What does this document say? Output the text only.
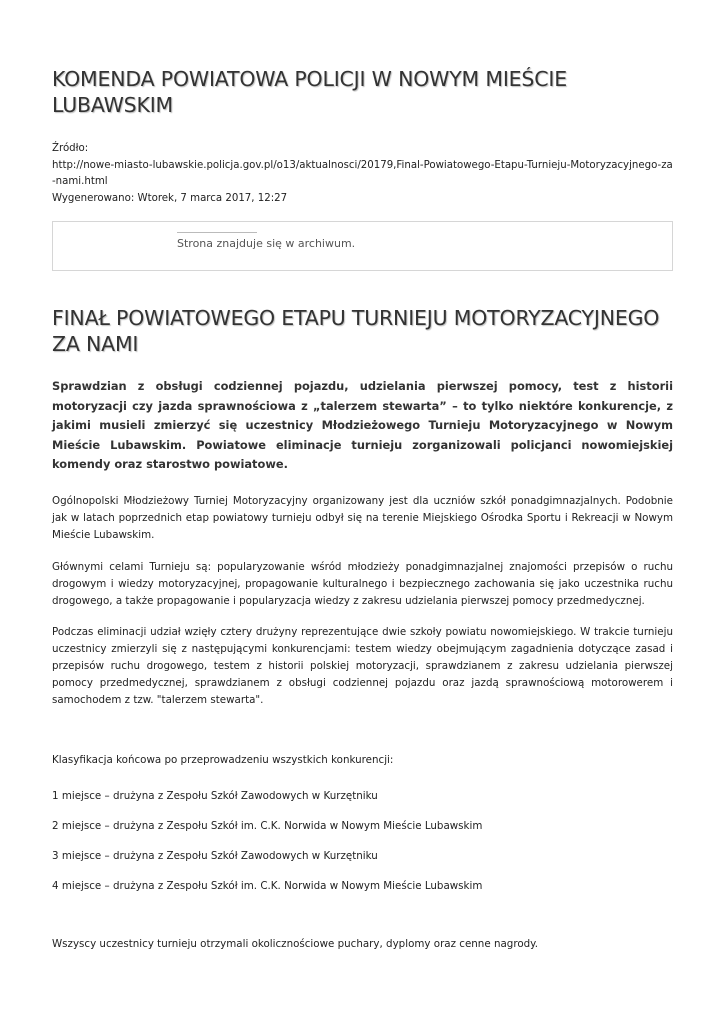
KOMENDA POWIATOWA POLICJI W NOWYM MIEŚCIE LUBAWSKIM
Źródło:
http://nowe-miasto-lubawskie.policja.gov.pl/o13/aktualnosci/20179,Final-Powiatowego-Etapu-Turnieju-Motoryzacyjnego-za-nami.html
Wygenerowano: Wtorek, 7 marca 2017, 12:27
Strona znajduje się w archiwum.
FINAŁ POWIATOWEGO ETAPU TURNIEJU MOTORYZACYJNEGO ZA NAMI

Sprawdzian z obsługi codziennej pojazdu, udzielania pierwszej pomocy, test z historii motoryzacji czy jazda sprawnościowa z „talerzem stewarta” – to tylko niektóre konkurencje, z jakimi musieli zmierzyć się uczestnicy Młodzieżowego Turnieju Motoryzacyjnego w Nowym Mieście Lubawskim. Powiatowe eliminacje turnieju zorganizowali policjanci nowomiejskiej komendy oraz starostwo powiatowe.

Ogólnopolski Młodzieżowy Turniej Motoryzacyjny organizowany jest dla uczniów szkół ponadgimnazjalnych. Podobnie jak w latach poprzednich etap powiatowy turnieju odbył się na terenie Miejskiego Ośrodka Sportu i Rekreacji w Nowym Mieście Lubawskim.

Głównymi celami Turnieju są: popularyzowanie wśród młodzieży ponadgimnazjalnej znajomości przepisów o ruchu drogowym i wiedzy motoryzacyjnej, propagowanie kulturalnego i bezpiecznego zachowania się jako uczestnika ruchu drogowego, a także propagowanie i popularyzacja wiedzy z zakresu udzielania pierwszej pomocy przedmedycznej.

Podczas eliminacji udział wzięły cztery drużyny reprezentujące dwie szkoły powiatu nowomiejskiego. W trakcie turnieju uczestnicy zmierzyli się z następującymi konkurencjami: testem wiedzy obejmującym zagadnienia dotyczące zasad i przepisów ruchu drogowego, testem z historii polskiej motoryzacji, sprawdzianem z zakresu udzielania pierwszej pomocy przedmedycznej, sprawdzianem z obsługi codziennej pojazdu oraz jazdą sprawnościową motorowerem i samochodem z tzw. "talerzem stewarta".

Klasyfikacja końcowa po przeprowadzeniu wszystkich konkurencji:

1 miejsce – drużyna z Zespołu Szkół Zawodowych w Kurzętniku

2 miejsce – drużyna z Zespołu Szkół im. C.K. Norwida w Nowym Mieście Lubawskim

3 miejsce – drużyna z Zespołu Szkół Zawodowych w Kurzętniku

4 miejsce – drużyna z Zespołu Szkół im. C.K. Norwida w Nowym Mieście Lubawskim

Wszyscy uczestnicy turnieju otrzymali okolicznościowe puchary, dyplomy oraz cenne nagrody.
